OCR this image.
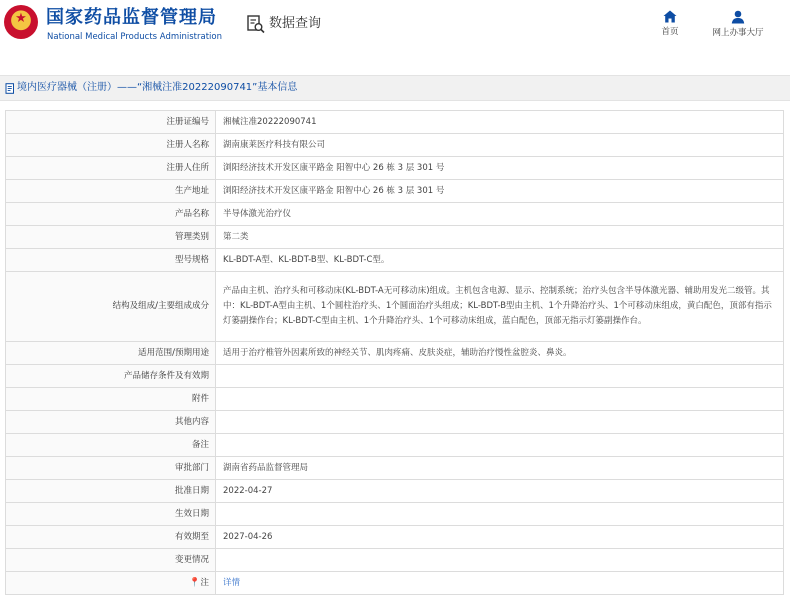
★	国家药品监督管理局
National Medical Products Administration
数据查询
首页	网上办事大厅
境内医疗器械（注册）——“湘械注准20222090741”基本信息
注册证编号	湘械注准20222090741
注册人名称	湖南康莱医疗科技有限公司
注册人住所	浏阳经济技术开发区康平路金 阳智中心 26 栋 3 层 301 号
生产地址	浏阳经济技术开发区康平路金 阳智中心 26 栋 3 层 301 号
产品名称	半导体激光治疗仪
管理类别	第二类
型号规格	KL-BDT-A型、KL-BDT-B型、KL-BDT-C型。
结构及组成/主要组成成分	产品由主机、治疗头和可移动床(KL-BDT-A无可移动床)组成。主机包含电源、显示、控制系统；治疗头包含半导体激光器、辅助用发光二级管。其中：KL-BDT-A型由主机、1个圆柱治疗头、1个圆面治疗头组成；KL-BDT-B型由主机、1个升降治疗头、1个可移动床组成，黄白配色，顶部有指示灯篓副操作台；KL-BDT-C型由主机、1个升降治疗头、1个可移动床组成，蓝白配色，顶部无指示灯篓副操作台。
适用范围/预期用途	适用于治疗椎管外因素所致的神经关节、肌肉疼痛、皮肤炎症，辅助治疗慢性盆腔炎、鼻炎。
产品储存条件及有效期	
附件	
其他内容	
备注	
审批部门	湖南省药品监督管理局
批准日期	2022-04-27
生效日期	
有效期至	2027-04-26
变更情况	
📍注	详情
